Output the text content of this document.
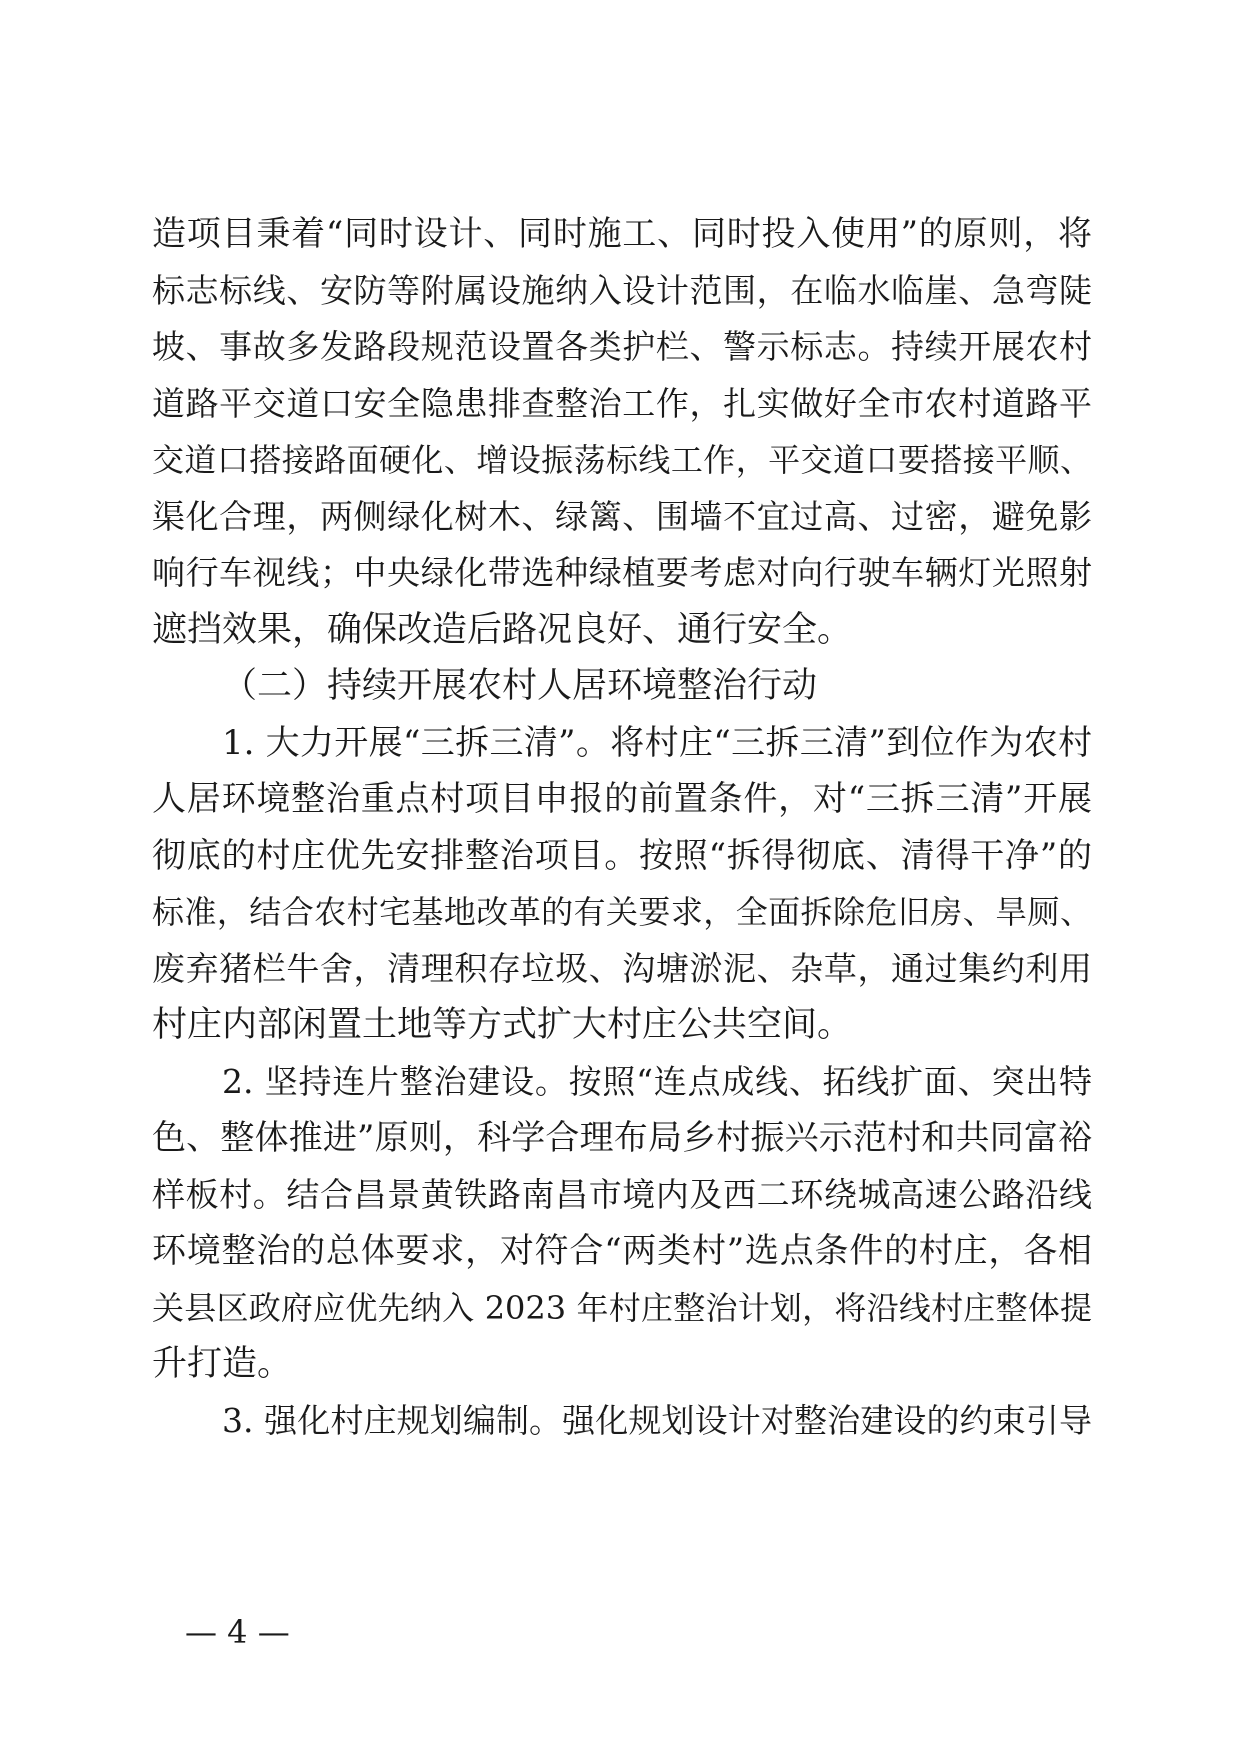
造项目秉着“同时设计、同时施工、同时投入使用”的原则，将
标志标线、安防等附属设施纳入设计范围，在临水临崖、急弯陡
坡、事故多发路段规范设置各类护栏、警示标志。持续开展农村
道路平交道口安全隐患排查整治工作，扎实做好全市农村道路平
交道口搭接路面硬化、增设振荡标线工作，平交道口要搭接平顺、
渠化合理，两侧绿化树木、绿篱、围墙不宜过高、过密，避免影
响行车视线；中央绿化带选种绿植要考虑对向行驶车辆灯光照射
遮挡效果，确保改造后路况良好、通行安全。
（二）持续开展农村人居环境整治行动
1. 大力开展“三拆三清”。将村庄“三拆三清”到位作为农村
人居环境整治重点村项目申报的前置条件，对“三拆三清”开展
彻底的村庄优先安排整治项目。按照“拆得彻底、清得干净”的
标准，结合农村宅基地改革的有关要求，全面拆除危旧房、旱厕、
废弃猪栏牛舍，清理积存垃圾、沟塘淤泥、杂草，通过集约利用
村庄内部闲置土地等方式扩大村庄公共空间。
2. 坚持连片整治建设。按照“连点成线、拓线扩面、突出特
色、整体推进”原则，科学合理布局乡村振兴示范村和共同富裕
样板村。结合昌景黄铁路南昌市境内及西二环绕城高速公路沿线
环境整治的总体要求，对符合“两类村”选点条件的村庄，各相
关县区政府应优先纳入 2023 年村庄整治计划，将沿线村庄整体提
升打造。
3. 强化村庄规划编制。强化规划设计对整治建设的约束引导
— 4 —
